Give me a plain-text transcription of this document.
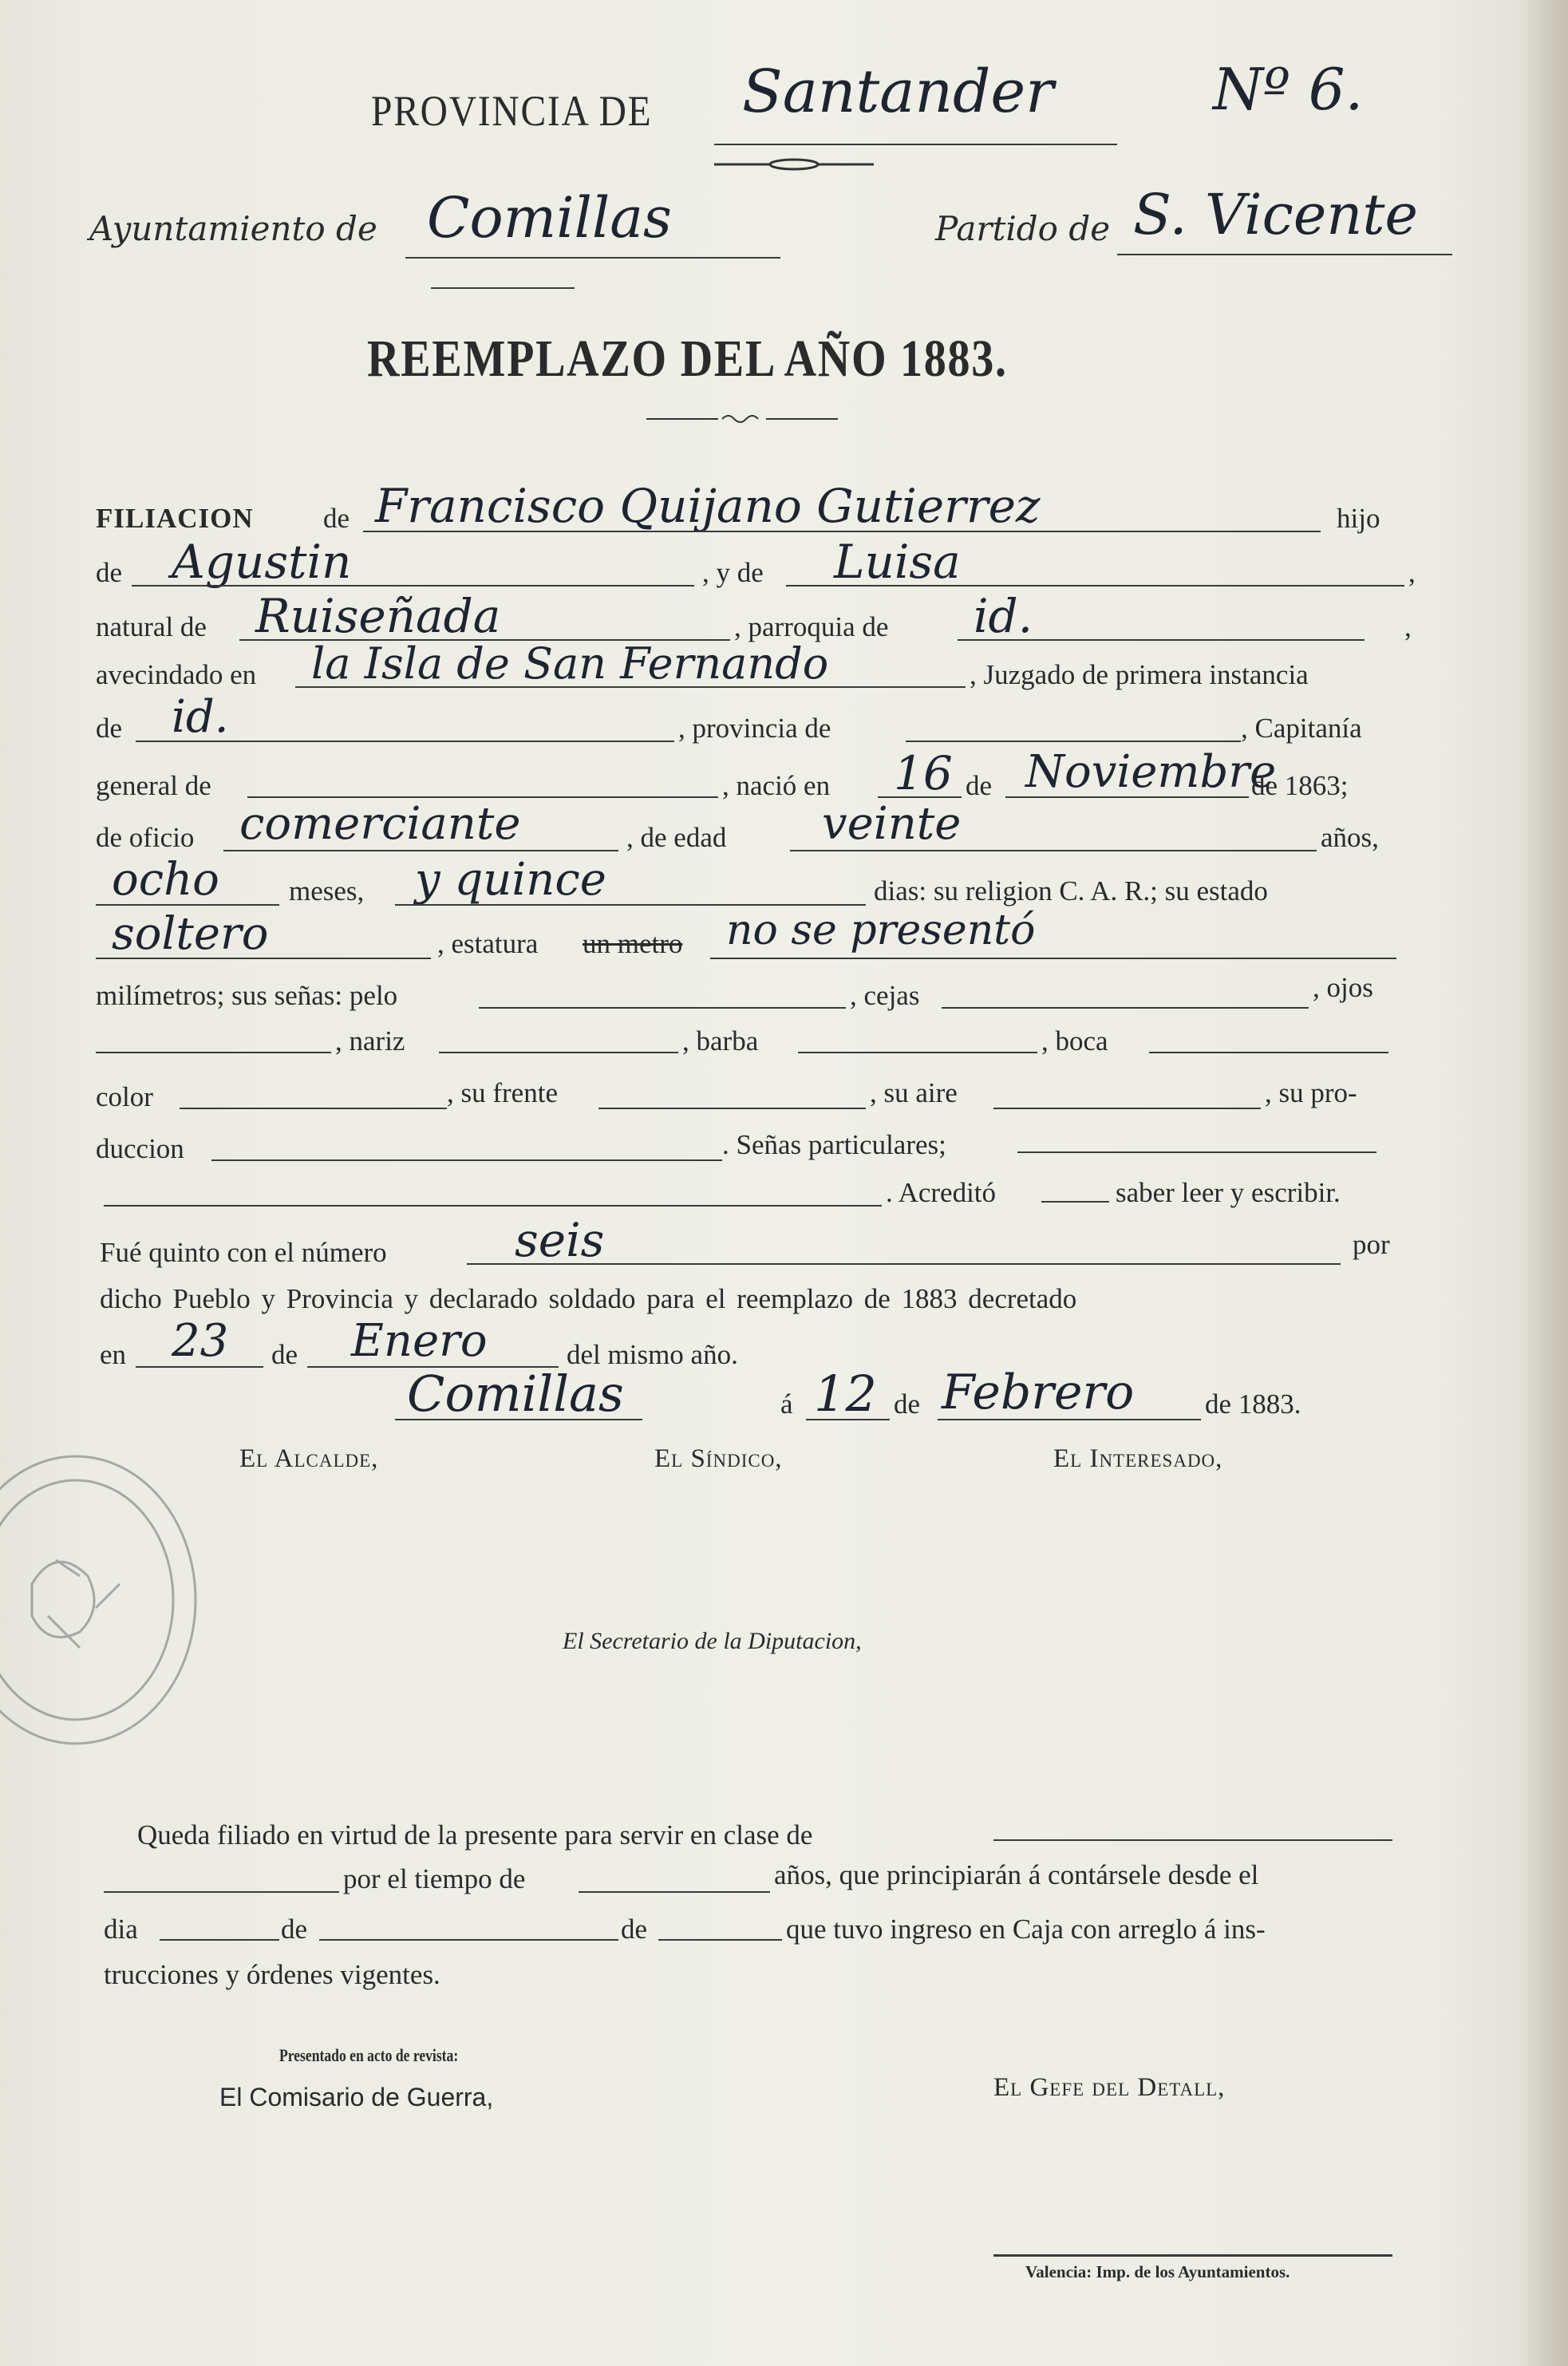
PROVINCIA DE Santander	Nº 6.
Ayuntamiento de Comillas	Partido de S. Vicente
REEMPLAZO DEL AÑO 1883.
FILIACION de Francisco Quijano Gutierrez	hijo
de Agustin	, y de Luisa	,
natural de Ruiseñada	, parroquia de id.	,
avecindado en la Isla de San Fernando	, Juzgado de primera instancia
de id.	, provincia de	, Capitanía
general de	, nació en 16 de Noviembre
de 1863;
de oficio comerciante	, de edad veinte	años,
ocho meses, y quince	dias: su religion C. A. R.; su estado
soltero	, estatura un metro no se presentó
milímetros; sus señas: pelo	, cejas	, ojos
, nariz	, barba	, boca
color	, su frente	, su aire	, su pro-
duccion	. Señas particulares;
. Acreditó	saber leer y escribir.
Fué quinto con el número	seis	por
dicho Pueblo y Provincia y declarado soldado para el reemplazo de 1883 decretado
en 23 de Enero	del mismo año.
Comillas	á 12 de Febrero	de 1883.
El Alcalde,	El Síndico,	El Interesado,
El Secretario de la Diputacion,
Queda filiado en virtud de la presente para servir en clase de
por el tiempo de	años, que principiarán á contársele desde el
dia	de	de	que tuvo ingreso en Caja con arreglo á ins-
trucciones y órdenes vigentes.
Presentado en acto de revista:
El Comisario de Guerra,	El Gefe del Detall,
Valencia: Imp. de los Ayuntamientos.
